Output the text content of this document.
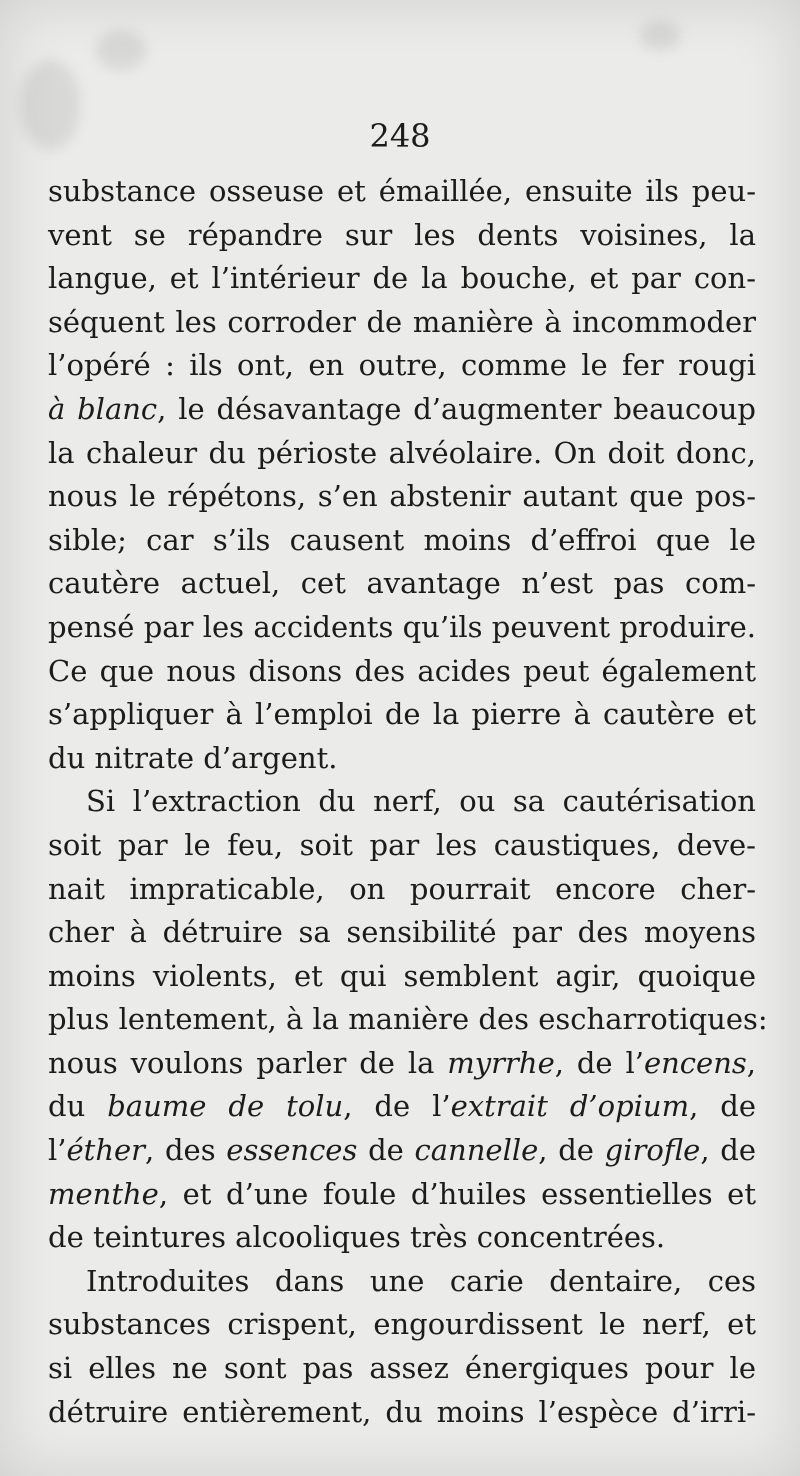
248
substance osseuse et émaillée, ensuite ils peu-
vent se répandre sur les dents voisines, la
langue, et l’intérieur de la bouche, et par con-
séquent les corroder de manière à incommoder
l’opéré : ils ont, en outre, comme le fer rougi
à blanc, le désavantage d’augmenter beaucoup
la chaleur du périoste alvéolaire. On doit donc,
nous le répétons, s’en abstenir autant que pos-
sible; car s’ils causent moins d’effroi que le
cautère actuel, cet avantage n’est pas com-
pensé par les accidents qu’ils peuvent produire.
Ce que nous disons des acides peut également
s’appliquer à l’emploi de la pierre à cautère et
du nitrate d’argent.
Si l’extraction du nerf, ou sa cautérisation
soit par le feu, soit par les caustiques, deve-
nait impraticable, on pourrait encore cher-
cher à détruire sa sensibilité par des moyens
moins violents, et qui semblent agir, quoique
plus lentement, à la manière des escharrotiques:
nous voulons parler de la myrrhe, de l’encens,
du baume de tolu, de l’extrait d’opium, de
l’éther, des essences de cannelle, de girofle, de
menthe, et d’une foule d’huiles essentielles et
de teintures alcooliques très concentrées.
Introduites dans une carie dentaire, ces
substances crispent, engourdissent le nerf, et
si elles ne sont pas assez énergiques pour le
détruire entièrement, du moins l’espèce d’irri-
